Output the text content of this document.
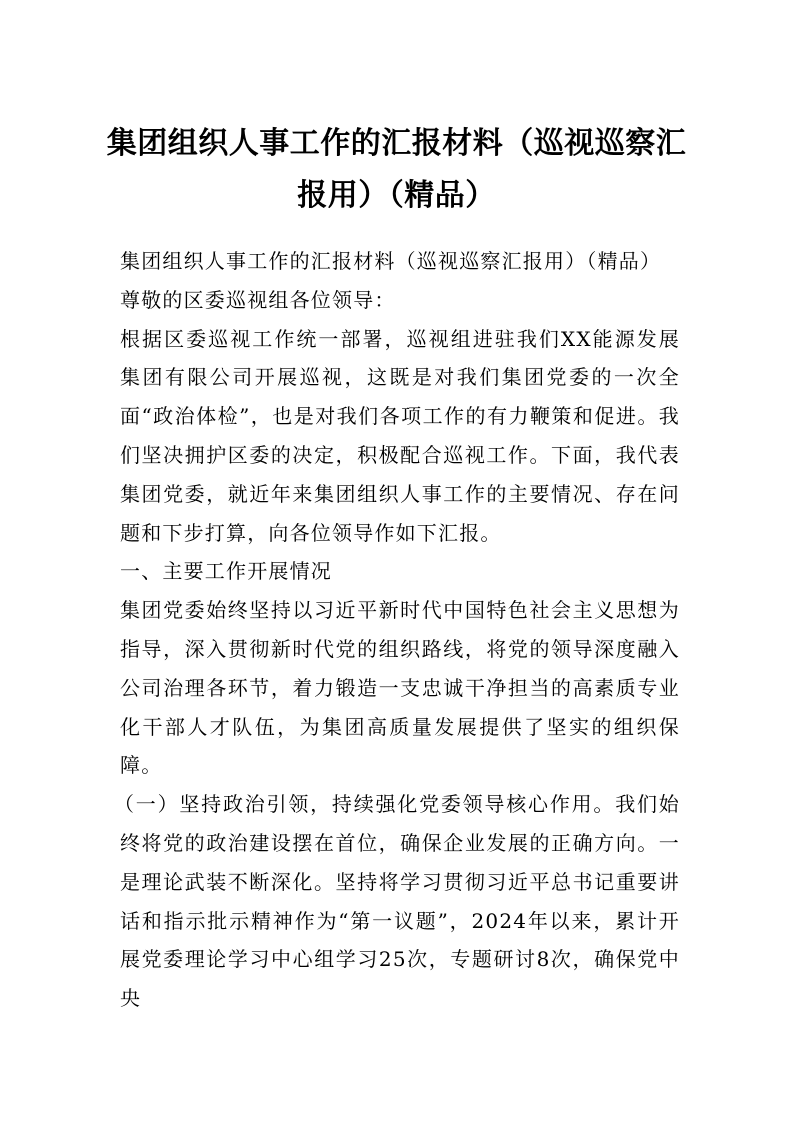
集团组织人事工作的汇报材料（巡视巡察汇报用）（精品）

集团组织人事工作的汇报材料（巡视巡察汇报用）（精品）

尊敬的区委巡视组各位领导：

根据区委巡视工作统一部署，巡视组进驻我们XX能源发展集团有限公司开展巡视，这既是对我们集团党委的一次全面“政治体检”，也是对我们各项工作的有力鞭策和促进。我们坚决拥护区委的决定，积极配合巡视工作。下面，我代表集团党委，就近年来集团组织人事工作的主要情况、存在问题和下步打算，向各位领导作如下汇报。

一、主要工作开展情况

集团党委始终坚持以习近平新时代中国特色社会主义思想为指导，深入贯彻新时代党的组织路线，将党的领导深度融入公司治理各环节，着力锻造一支忠诚干净担当的高素质专业化干部人才队伍，为集团高质量发展提供了坚实的组织保障。

（一）坚持政治引领，持续强化党委领导核心作用。我们始终将党的政治建设摆在首位，确保企业发展的正确方向。一是理论武装不断深化。坚持将学习贯彻习近平总书记重要讲话和指示批示精神作为“第一议题”，2024年以来，累计开展党委理论学习中心组学习25次，专题研讨8次，确保党中央
